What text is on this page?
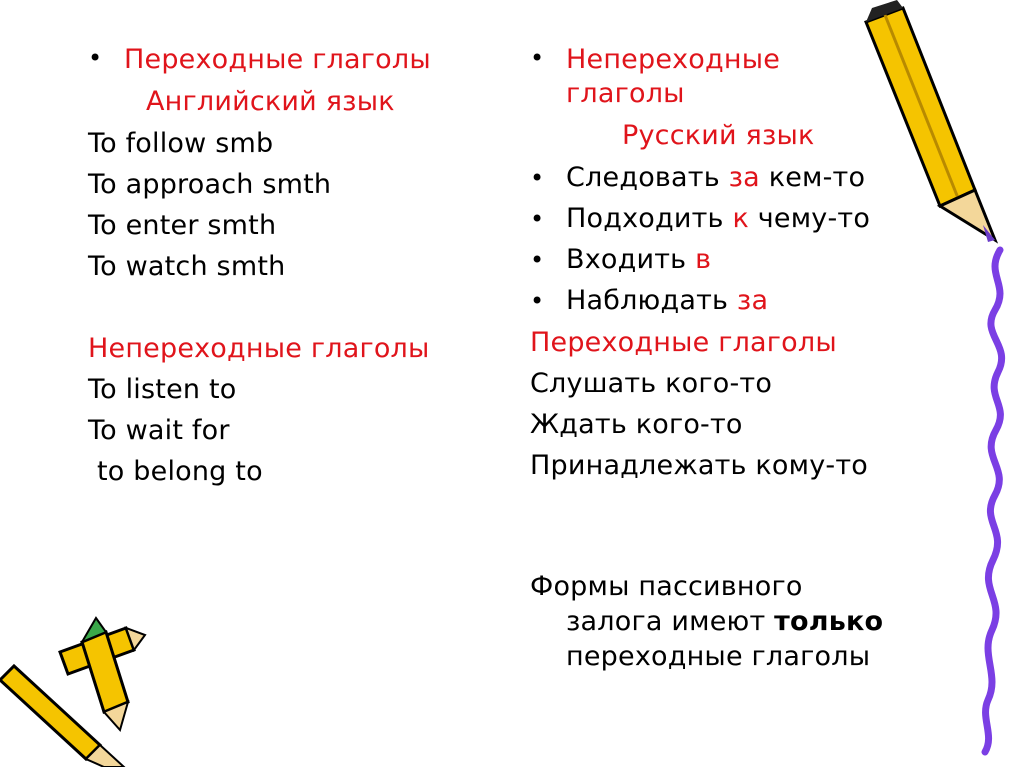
• Переходные глаголы
Английский язык
To follow smb
To approach smth
To enter smth
To watch smth
Непереходные глаголы
To listen to
To wait for
to belong to
• Непереходные
глаголы
Русский язык
• Следовать за кем-то
• Подходить к чему-то
• Входить в
• Наблюдать за
Переходные глаголы
Слушать кого-то
Ждать кого-то
Принадлежать кому-то
Формы пассивного
залога имеют только
переходные глаголы
